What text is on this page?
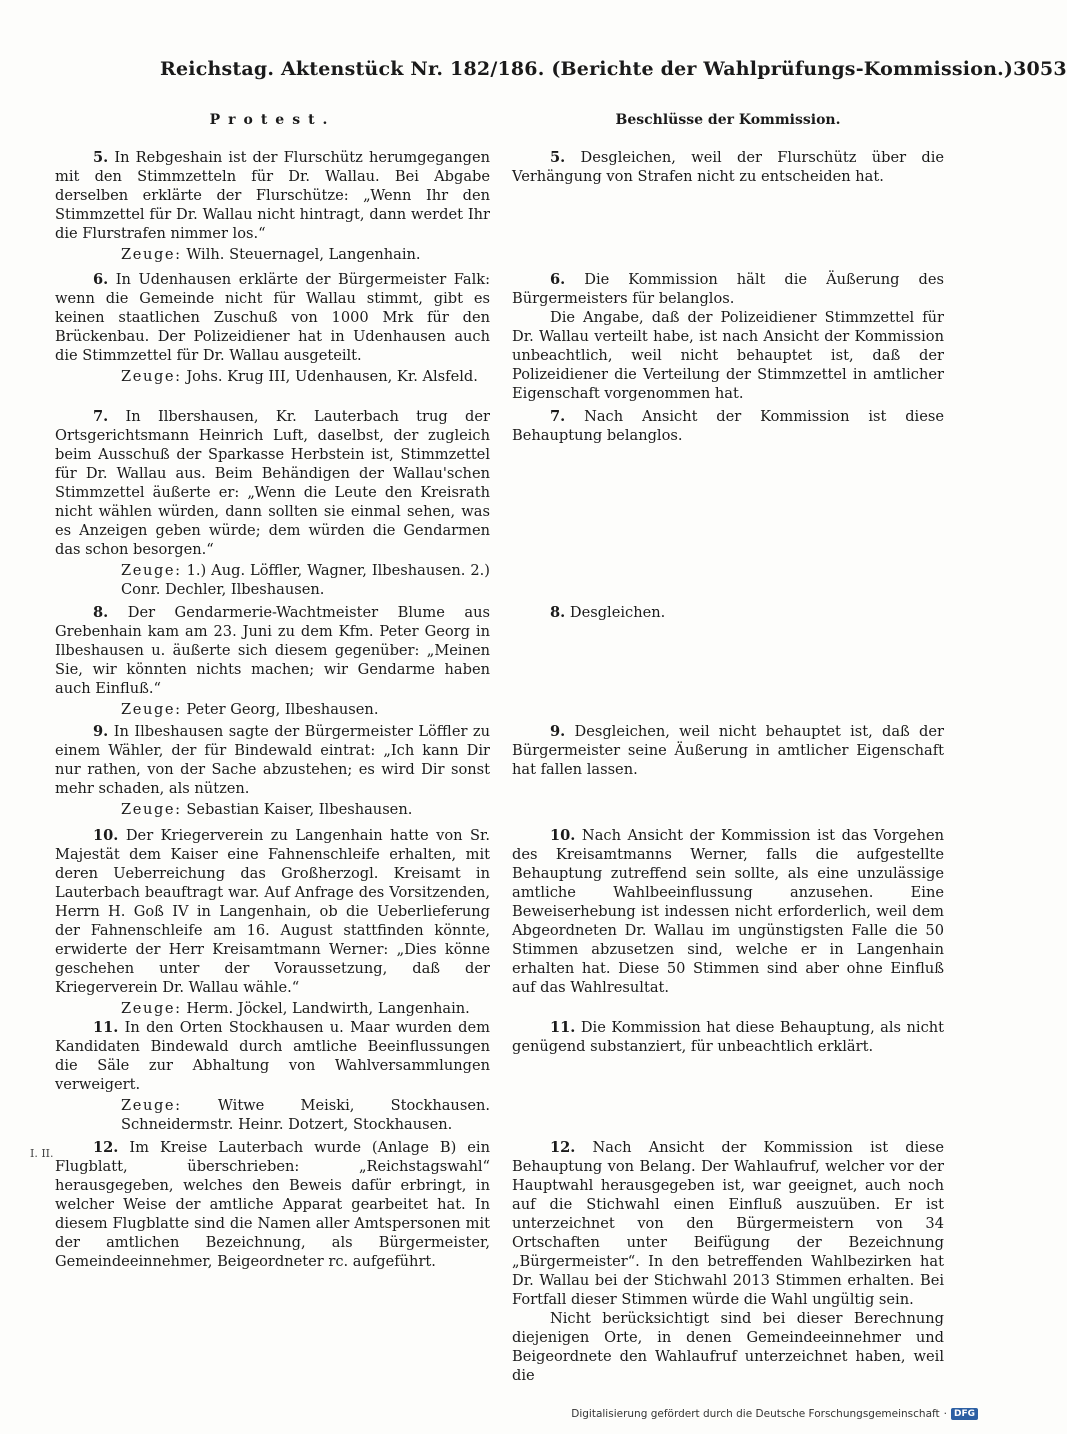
Reichstag. Aktenstück Nr. 182/186. (Berichte der Wahlprüfungs-Kommission.) 3053
Protest.	Beschlüsse der Kommission.
I. II.

5. In Rebgeshain ist der Flurschütz herumgegangen mit den Stimmzetteln für Dr. Wallau. Bei Abgabe derselben erklärte der Flurschütze: „Wenn Ihr den Stimmzettel für Dr. Wallau nicht hintragt, dann werdet Ihr die Flurstrafen nimmer los.“

Zeuge: Wilh. Steuernagel, Langenhain.

6. In Udenhausen erklärte der Bürgermeister Falk: wenn die Gemeinde nicht für Wallau stimmt, gibt es keinen staatlichen Zuschuß von 1000 Mrk für den Brückenbau. Der Polizeidiener hat in Udenhausen auch die Stimmzettel für Dr. Wallau ausgeteilt.

Zeuge: Johs. Krug III, Udenhausen, Kr. Alsfeld.

7. In Ilbershausen, Kr. Lauterbach trug der Ortsgerichtsmann Heinrich Luft, daselbst, der zugleich beim Ausschuß der Sparkasse Herbstein ist, Stimmzettel für Dr. Wallau aus. Beim Behändigen der Wallau'schen Stimmzettel äußerte er: „Wenn die Leute den Kreisrath nicht wählen würden, dann sollten sie einmal sehen, was es Anzeigen geben würde; dem würden die Gendarmen das schon besorgen.“

Zeuge: 1.) Aug. Löffler, Wagner, Ilbeshausen. 2.) Conr. Dechler, Ilbeshausen.

8. Der Gendarmerie-Wachtmeister Blume aus Grebenhain kam am 23. Juni zu dem Kfm. Peter Georg in Ilbeshausen u. äußerte sich diesem gegenüber: „Meinen Sie, wir könnten nichts machen; wir Gendarme haben auch Einfluß.“

Zeuge: Peter Georg, Ilbeshausen.

9. In Ilbeshausen sagte der Bürgermeister Löffler zu einem Wähler, der für Bindewald eintrat: „Ich kann Dir nur rathen, von der Sache abzustehen; es wird Dir sonst mehr schaden, als nützen.

Zeuge: Sebastian Kaiser, Ilbeshausen.

10. Der Kriegerverein zu Langenhain hatte von Sr. Majestät dem Kaiser eine Fahnenschleife erhalten, mit deren Ueberreichung das Großherzogl. Kreisamt in Lauterbach beauftragt war. Auf Anfrage des Vorsitzenden, Herrn H. Goß IV in Langenhain, ob die Ueberlieferung der Fahnenschleife am 16. August stattfinden könnte, erwiderte der Herr Kreisamtmann Werner: „Dies könne geschehen unter der Voraussetzung, daß der Kriegerverein Dr. Wallau wähle.“

Zeuge: Herm. Jöckel, Landwirth, Langenhain.

11. In den Orten Stockhausen u. Maar wurden dem Kandidaten Bindewald durch amtliche Beeinflussungen die Säle zur Abhaltung von Wahlversammlungen verweigert.

Zeuge: Witwe Meiski, Stockhausen. Schneidermstr. Heinr. Dotzert, Stockhausen.

12. Im Kreise Lauterbach wurde (Anlage B) ein Flugblatt, überschrieben: „Reichstagswahl“ herausgegeben, welches den Beweis dafür erbringt, in welcher Weise der amtliche Apparat gearbeitet hat. In diesem Flugblatte sind die Namen aller Amtspersonen mit der amtlichen Bezeichnung, als Bürgermeister, Gemeindeeinnehmer, Beigeordneter rc. aufgeführt.

5. Desgleichen, weil der Flurschütz über die Verhängung von Strafen nicht zu entscheiden hat.

6. Die Kommission hält die Äußerung des Bürgermeisters für belanglos.

Die Angabe, daß der Polizeidiener Stimmzettel für Dr. Wallau verteilt habe, ist nach Ansicht der Kommission unbeachtlich, weil nicht behauptet ist, daß der Polizeidiener die Verteilung der Stimmzettel in amtlicher Eigenschaft vorgenommen hat.

7. Nach Ansicht der Kommission ist diese Behauptung belanglos.

8. Desgleichen.

9. Desgleichen, weil nicht behauptet ist, daß der Bürgermeister seine Äußerung in amtlicher Eigenschaft hat fallen lassen.

10. Nach Ansicht der Kommission ist das Vorgehen des Kreisamtmanns Werner, falls die aufgestellte Behauptung zutreffend sein sollte, als eine unzulässige amtliche Wahlbeeinflussung anzusehen. Eine Beweiserhebung ist indessen nicht erforderlich, weil dem Abgeordneten Dr. Wallau im ungünstigsten Falle die 50 Stimmen abzusetzen sind, welche er in Langenhain erhalten hat. Diese 50 Stimmen sind aber ohne Einfluß auf das Wahlresultat.

11. Die Kommission hat diese Behauptung, als nicht genügend substanziert, für unbeachtlich erklärt.

12. Nach Ansicht der Kommission ist diese Behauptung von Belang. Der Wahlaufruf, welcher vor der Hauptwahl herausgegeben ist, war geeignet, auch noch auf die Stichwahl einen Einfluß auszuüben. Er ist unterzeichnet von den Bürgermeistern von 34 Ortschaften unter Beifügung der Bezeichnung „Bürgermeister“. In den betreffenden Wahlbezirken hat Dr. Wallau bei der Stichwahl 2013 Stimmen erhalten. Bei Fortfall dieser Stimmen würde die Wahl ungültig sein.

Nicht berücksichtigt sind bei dieser Berechnung diejenigen Orte, in denen Gemeindeeinnehmer und Beigeordnete den Wahlaufruf unterzeichnet haben, weil die

Digitalisierung gefördert durch die Deutsche Forschungsgemeinschaft · DFG
